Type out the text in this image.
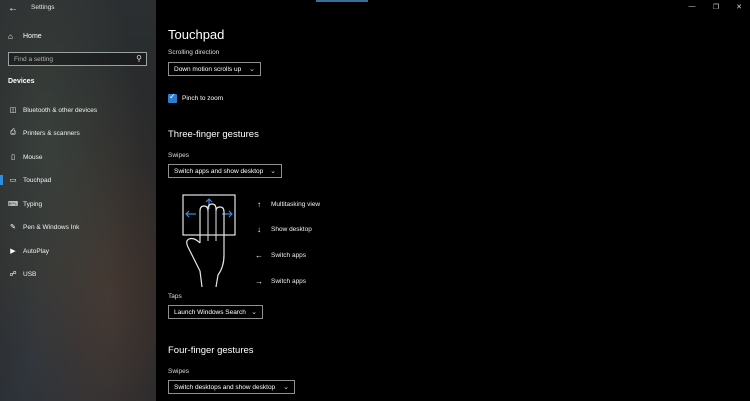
←	Settings
⌂	Home
Find a setting	⚲
Devices
◫ Bluetooth & other devices
⎙	Printers & scanners
▯	Mouse
▭ Touchpad
⌨ Typing
✎	Pen & Windows Ink
▶	AutoPlay
☍ USB
—	❐	✕
Touchpad
Scrolling direction
Down motion scrolls up ⌄
✓ Pinch to zoom
Three-finger gestures
Swipes
Switch apps and show desktop ⌄
↑	Multitasking view
↓	Show desktop
← Switch apps
→ Switch apps
Taps
Launch Windows Search ⌄
Four-finger gestures
Swipes
Switch desktops and show desktop ⌄
